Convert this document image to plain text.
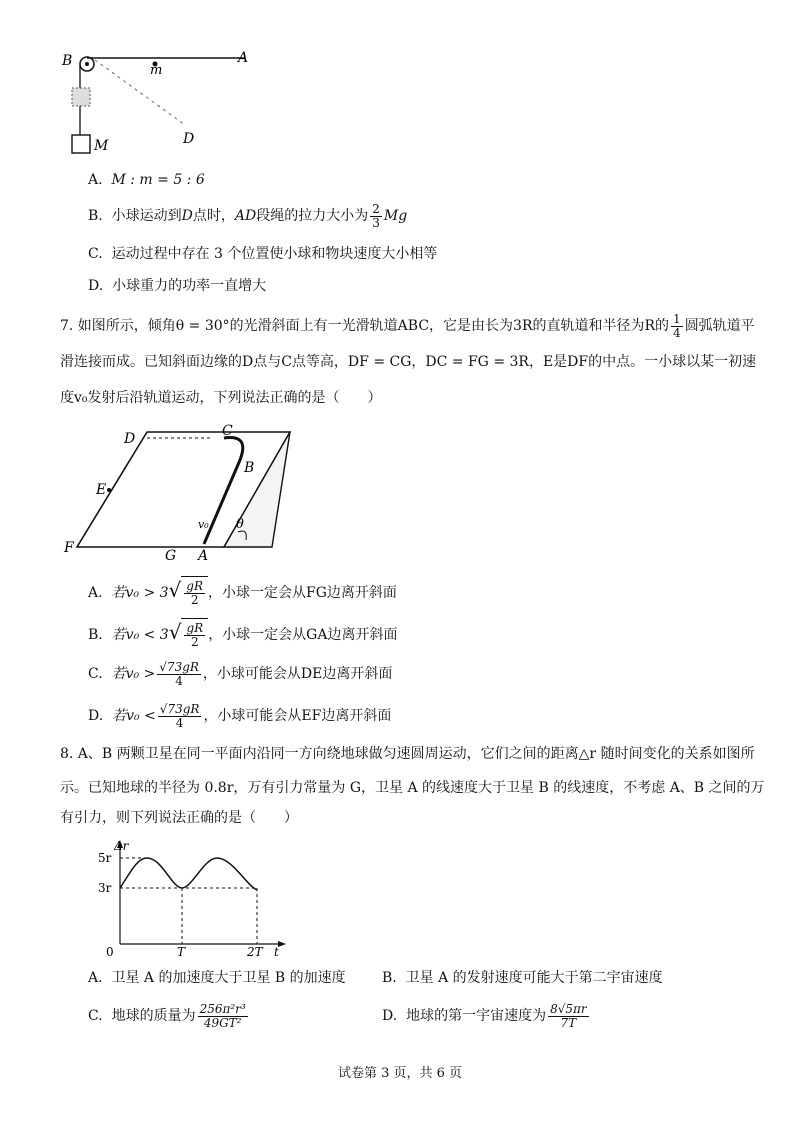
B
m
A
M	D
A. M : m = 5 : 6
B. 小球运动到D点时，AD段绳的拉力大小为 $\frac{2}{3}$ Mg
C. 运动过程中存在 3 个位置使小球和物块速度大小相等
D. 小球重力的功率一直增大
7. 如图所示，倾角θ = 30°的光滑斜面上有一光滑轨道ABC，它是由长为3R的直轨道和半径为R的 $\frac{1}{4}$ 圆弧轨道平
滑连接而成。已知斜面边缘的D点与C点等高，DF = CG，DC = FG = 3R，E是DF的中点。一小球以某一初速
度v₀发射后沿轨道运动，下列说法正确的是（　　）
D	C
B
E
F	G A
v₀ θ
A. 若$v_0 > 3√ \frac{gR}{2}$ ，小球一定会从FG边离开斜面
B. 若$v_0 < 3√ \frac{gR}{2}$ ，小球一定会从GA边离开斜面
C. 若$v_0 > \frac{√73gR}{4}$ ，小球可能会从DE边离开斜面
D. 若$v_0 < \frac{√73gR}{4}$ ，小球可能会从EF边离开斜面
8. A、B 两颗卫星在同一平面内沿同一方向绕地球做匀速圆周运动，它们之间的距离△r 随时间变化的关系如图所
示。已知地球的半径为 0.8r，万有引力常量为 G，卫星 A 的线速度大于卫星 B 的线速度，不考虑 A、B 之间的万
有引力，则下列说法正确的是（　　）
Δr
5r
3r
0	T	2T t
A. 卫星 A 的加速度大于卫星 B 的加速度	B. 卫星 A 的发射速度可能大于第二宇宙速度
C. 地球的质量为 $\frac{\text{256π²r³}}{\text{49GT²}}$	D. 地球的第一宇宙速度为 $\frac{8√5\pi r}{7T}$
试卷第 3 页，共 6 页
